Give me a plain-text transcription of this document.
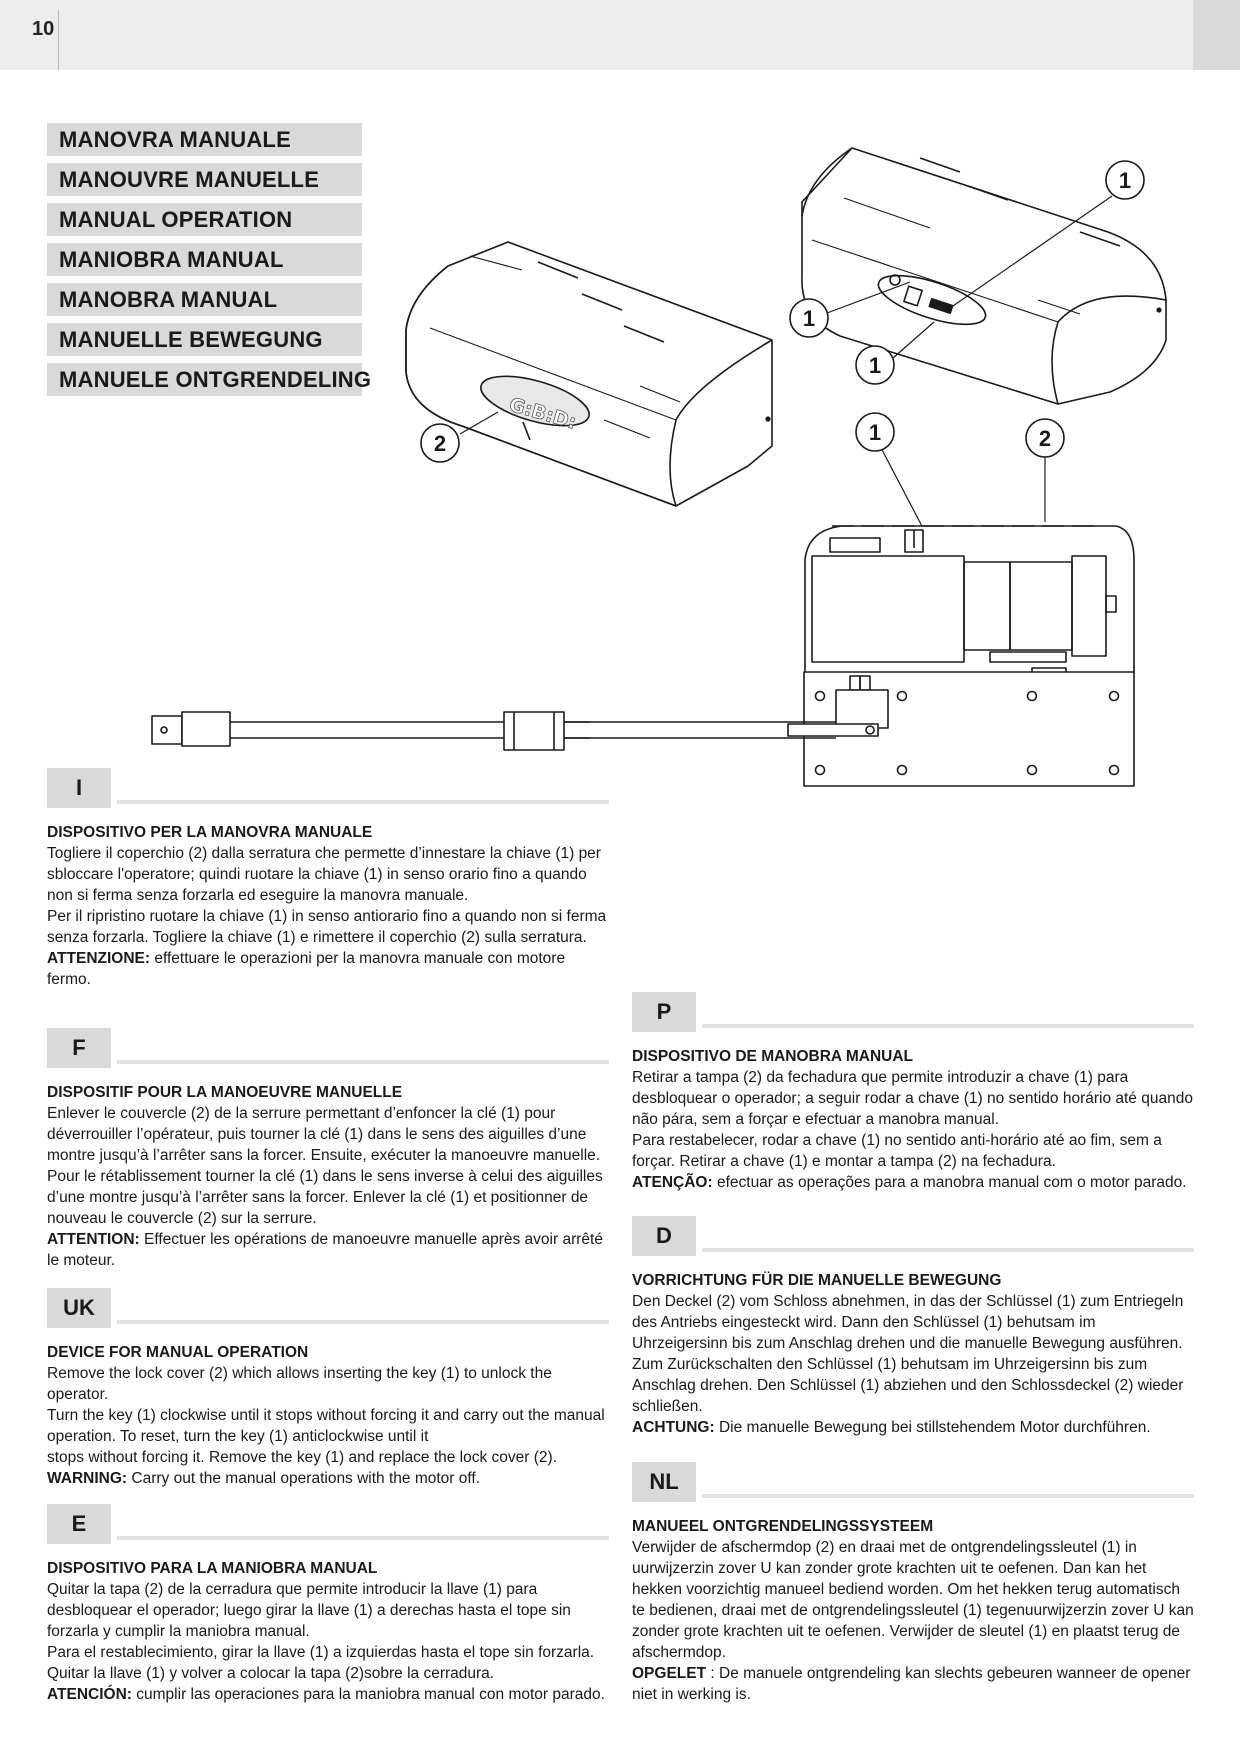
10
MANOVRA MANUALE
MANOUVRE MANUELLE
MANUAL OPERATION
MANIOBRA MANUAL
MANOBRA MANUAL
MANUELLE BEWEGUNG
MANUELE ONTGRENDELING
G:B:D:
1
1
1
1	2
2
I
DISPOSITIVO PER LA MANOVRA MANUALE

Togliere il coperchio (2) dalla serratura che permette d’innestare la chiave (1) per sbloccare l'operatore; quindi ruotare la chiave (1) in senso orario fino a quando non si ferma senza forzarla ed eseguire la manovra manuale.

Per il ripristino ruotare la chiave (1) in senso antiorario fino a quando non si ferma senza forzarla. Togliere la chiave (1) e rimettere il coperchio (2) sulla serratura.

ATTENZIONE: effettuare le operazioni per la manovra manuale con motore fermo.

F
DISPOSITIF POUR LA MANOEUVRE MANUELLE

Enlever le couvercle (2) de la serrure permettant d’enfoncer la clé (1) pour déverrouiller l’opérateur, puis tourner la clé (1) dans le sens des aiguilles d’une montre jusqu’à l’arrêter sans la forcer. Ensuite, exécuter la manoeuvre manuelle.

Pour le rétablissement tourner la clé (1) dans le sens inverse à celui des aiguilles d’une montre jusqu’à l’arrêter sans la forcer. Enlever la clé (1) et positionner de nouveau le couvercle (2) sur la serrure.

ATTENTION: Effectuer les opérations de manoeuvre manuelle après avoir arrêté le moteur.

UK
DEVICE FOR MANUAL OPERATION

Remove the lock cover (2) which allows inserting the key (1) to unlock the operator.

Turn the key (1) clockwise until it stops without forcing it and carry out the manual operation. To reset, turn the key (1) anticlockwise until it

stops without forcing it. Remove the key (1) and replace the lock cover (2).

WARNING: Carry out the manual operations with the motor off.

E
DISPOSITIVO PARA LA MANIOBRA MANUAL

Quitar la tapa (2) de la cerradura que permite introducir la llave (1) para desbloquear el operador; luego girar la llave (1) a derechas hasta el tope sin forzarla y cumplir la maniobra manual.

Para el restablecimiento, girar la llave (1) a izquierdas hasta el tope sin forzarla. Quitar la llave (1) y volver a colocar la tapa (2)sobre la cerradura.

ATENCIÓN: cumplir las operaciones para la maniobra manual con motor parado.

P
DISPOSITIVO DE MANOBRA MANUAL

Retirar a tampa (2) da fechadura que permite introduzir a chave (1) para desbloquear o operador; a seguir rodar a chave (1) no sentido horário até quando não pára, sem a forçar e efectuar a manobra manual.

Para restabelecer, rodar a chave (1) no sentido anti-horário até ao fim, sem a forçar. Retirar a chave (1) e montar a tampa (2) na fechadura.

ATENÇÃO: efectuar as operações para a manobra manual com o motor parado.

D
VORRICHTUNG FÜR DIE MANUELLE BEWEGUNG

Den Deckel (2) vom Schloss abnehmen, in das der Schlüssel (1) zum Entriegeln des Antriebs eingesteckt wird. Dann den Schlüssel (1) behutsam im Uhrzeigersinn bis zum Anschlag drehen und die manuelle Bewegung ausführen.

Zum Zurückschalten den Schlüssel (1) behutsam im Uhrzeigersinn bis zum Anschlag drehen. Den Schlüssel (1) abziehen und den Schlossdeckel (2) wieder schließen.

ACHTUNG: Die manuelle Bewegung bei stillstehendem Motor durchführen.

NL
MANUEEL ONTGRENDELINGSSYSTEEM

Verwijder de afschermdop (2) en draai met de ontgrendelingssleutel (1) in uurwijzerzin zover U kan zonder grote krachten uit te oefenen. Dan kan het hekken voorzichtig manueel bediend worden. Om het hekken terug automatisch te bedienen, draai met de ontgrendelingssleutel (1) tegenuurwijzerzin zover U kan zonder grote krachten uit te oefenen. Verwijder de sleutel (1) en plaatst terug de afschermdop.

OPGELET : De manuele ontgrendeling kan slechts gebeuren wanneer de opener niet in werking is.
